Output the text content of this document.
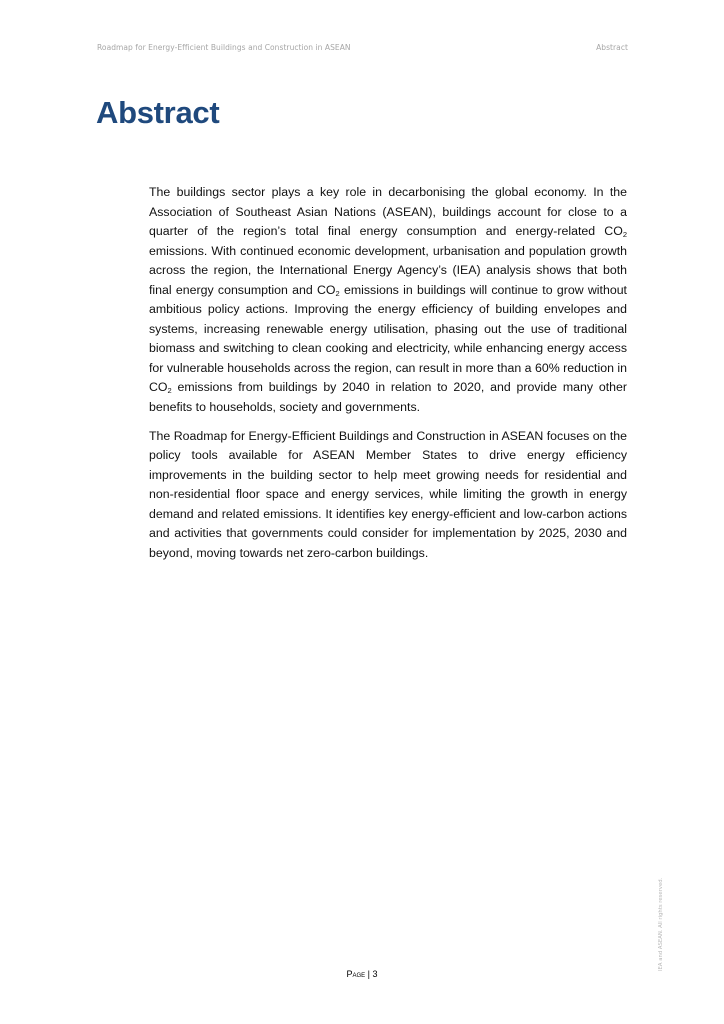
Roadmap for Energy-Efficient Buildings and Construction in ASEAN	Abstract
Abstract

The buildings sector plays a key role in decarbonising the global economy. In the Association of Southeast Asian Nations (ASEAN), buildings account for close to a quarter of the region’s total final energy consumption and energy-related $CO_2$ emissions. With continued economic development, urbanisation and population growth across the region, the International Energy Agency’s (IEA) analysis shows that both final energy consumption and $CO_2$ emissions in buildings will continue to grow without ambitious policy actions. Improving the energy efficiency of building envelopes and systems, increasing renewable energy utilisation, phasing out the use of traditional biomass and switching to clean cooking and electricity, while enhancing energy access for vulnerable households across the region, can result in more than a 60% reduction in $CO_2$ emissions from buildings by 2040 in relation to 2020, and provide many other benefits to households, society and governments.

The Roadmap for Energy-Efficient Buildings and Construction in ASEAN focuses on the policy tools available for ASEAN Member States to drive energy efficiency improvements in the building sector to help meet growing needs for residential and non-residential floor space and energy services, while limiting the growth in energy demand and related emissions. It identifies key energy-efficient and low-carbon actions and activities that governments could consider for implementation by 2025, 2030 and beyond, moving towards net zero-carbon buildings.

IEA and ASEAN. All rights reserved.
Page | 3
